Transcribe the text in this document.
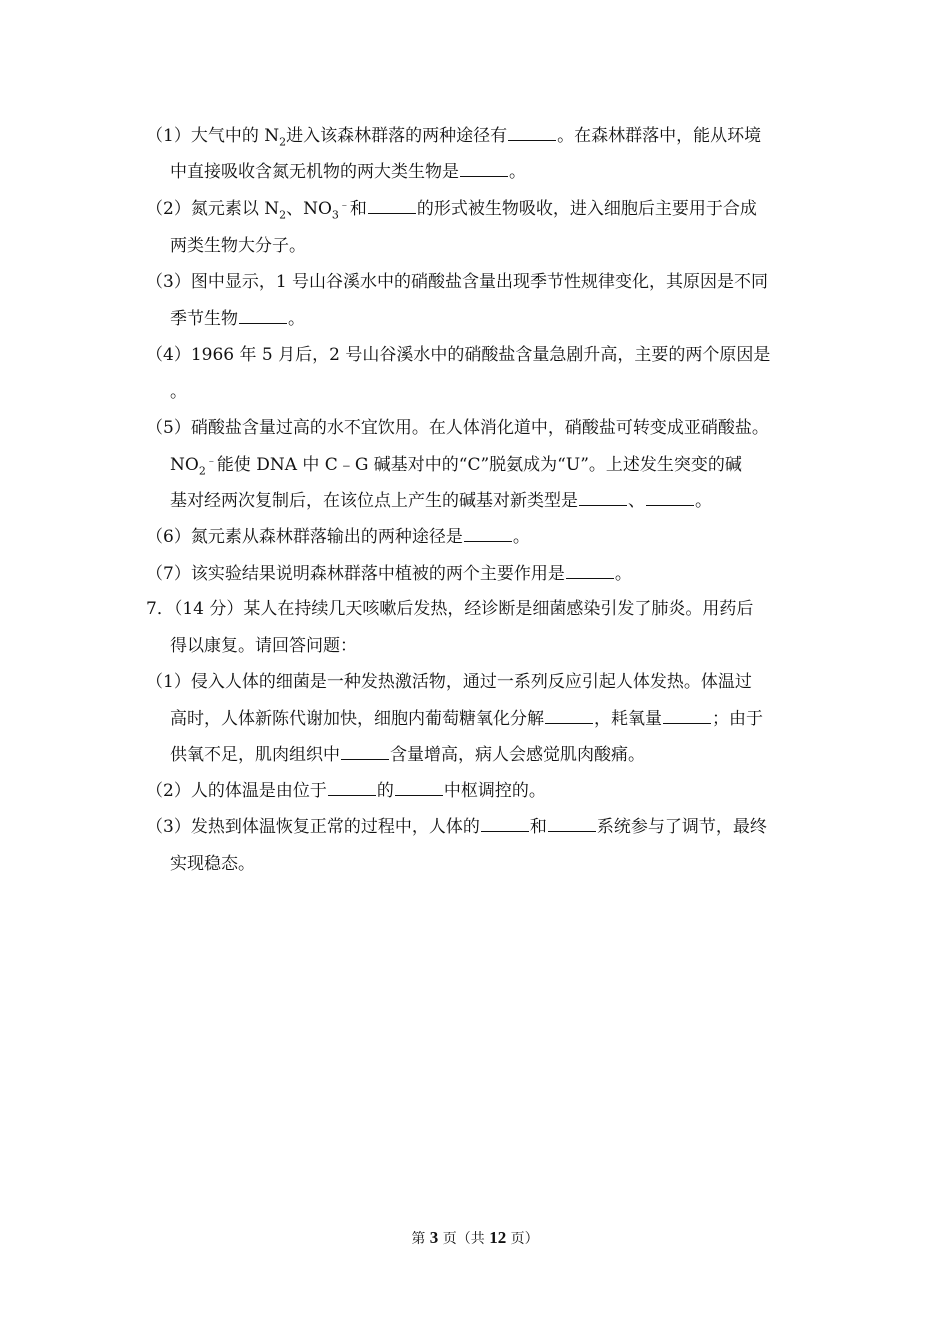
（1）大气中的 $N_2$进入该森林群落的两种途径有	。在森林群落中，能从环境
中直接吸收含氮无机物的两大类生物是	。
（2）氮元素以 $N_2$、$NO_3^﹣$和	的形式被生物吸收，进入细胞后主要用于合成
两类生物大分子。
（3）图中显示，1 号山谷溪水中的硝酸盐含量出现季节性规律变化，其原因是不同
季节生物	。
（4）1966 年 5 月后，2 号山谷溪水中的硝酸盐含量急剧升高，主要的两个原因是
。
（5）硝酸盐含量过高的水不宜饮用。在人体消化道中，硝酸盐可转变成亚硝酸盐。
$NO_2^﹣$能使 DNA 中 C﹣G 碱基对中的“C”脱氨成为“U”。上述发生突变的碱
基对经两次复制后，在该位点上产生的碱基对新类型是	、	。
（6）氮元素从森林群落输出的两种途径是	。
（7）该实验结果说明森林群落中植被的两个主要作用是	。
7．（14 分）某人在持续几天咳嗽后发热，经诊断是细菌感染引发了肺炎。用药后
得以康复。请回答问题：
（1）侵入人体的细菌是一种发热激活物，通过一系列反应引起人体发热。体温过
高时，人体新陈代谢加快，细胞内葡萄糖氧化分解	，耗氧量	；由于
供氧不足，肌肉组织中	含量增高，病人会感觉肌肉酸痛。
（2）人的体温是由位于	的	中枢调控的。
（3）发热到体温恢复正常的过程中，人体的	和	系统参与了调节，最终
实现稳态。
第 3 页（共 12 页）
